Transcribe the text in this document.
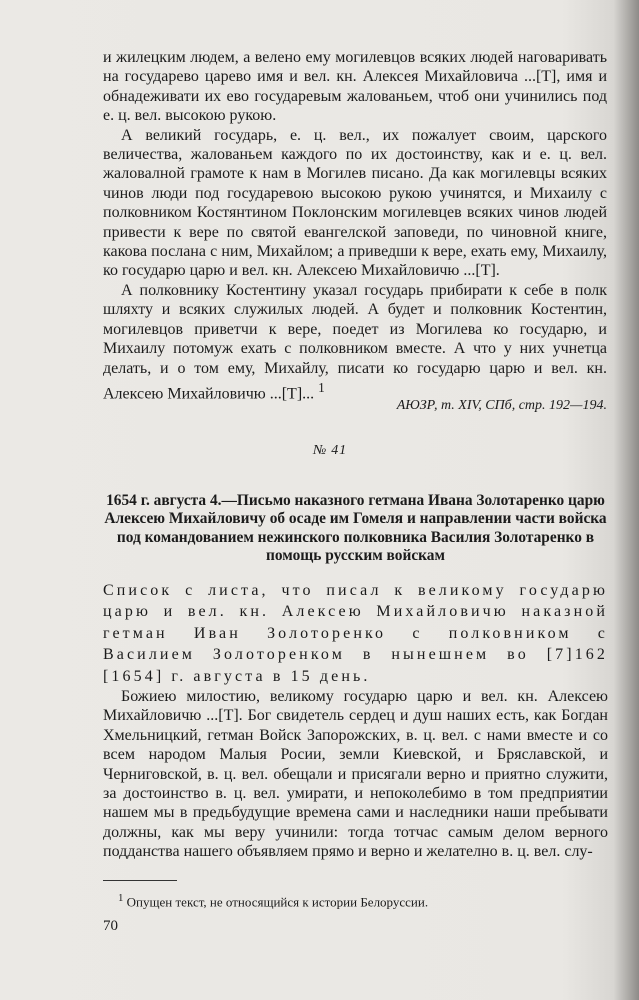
и жилецким людем, а велено ему могилевцов всяких людей наговаривать на государево царево имя и вел. кн. Алексея Михайловича ...[Т], имя и обнадеживати их ево государевым жалованьем, чтоб они учинились под е. ц. вел. высокою рукою.

А великий государь, е. ц. вел., их пожалует своим, царского величества, жалованьем каждого по их достоинству, как и е. ц. вел. жаловалной грамоте к нам в Могилев писано. Да как могилевцы всяких чинов люди под государевою высокою рукою учинятся, и Михаилу с полковником Костянтином Поклонским могилевцев всяких чинов людей привести к вере по святой евангелской заповеди, по чиновной книге, какова послана с ним, Михайлом; а приведши к вере, ехать ему, Михаилу, ко государю царю и вел. кн. Алексею Михайловичю ...[Т].

А полковнику Костентину указал государь прибирати к себе в полк шляхту и всяких служилых людей. А будет и полковник Костентин, могилевцов приветчи к вере, поедет из Могилева ко государю, и Михаилу потомуж ехать с полковником вместе. А что у них учнетца делать, и о том ему, Михайлу, писати ко государю царю и вел. кн. Алексею Михайловичю ...[Т]... $^1$

АЮЗР, т. XIV, СПб, стр. 192—194.
№ 41
1654 г. августа 4.—Письмо наказного гетмана Ивана Золотаренко царю Алексею Михайловичу об осаде им Гомеля и направлении части войска под командованием нежинского полковника Василия Золотаренко в помощь русским войскам
Список с листа, что писал к великому государю царю и вел. кн. Алексею Михайловичю наказной гетман Иван Золоторенко с полковником с Василием Золоторенком в нынешнем во [7]162 [1654] г. августа в 15 день.

Божиею милостию, великому государю царю и вел. кн. Алексею Михайловичю ...[Т]. Бог свидетель сердец и душ наших есть, как Богдан Хмельницкий, гетман Войск Запорожских, в. ц. вел. с нами вместе и со всем народом Малыя Росии, земли Киевской, и Бряславской, и Черниговской, в. ц. вел. обещали и присягали верно и приятно служити, за достоинство в. ц. вел. умирати, и непоколебимо в том предприятии нашем мы в предьбудущие времена сами и наследники наши пребывати должны, как мы веру учинили: тогда тотчас самым делом верного подданства нашего объявляем прямо и верно и желателно в. ц. вел. слу-

$^1$ Опущен текст, не относящийся к истории Белоруссии.
70
